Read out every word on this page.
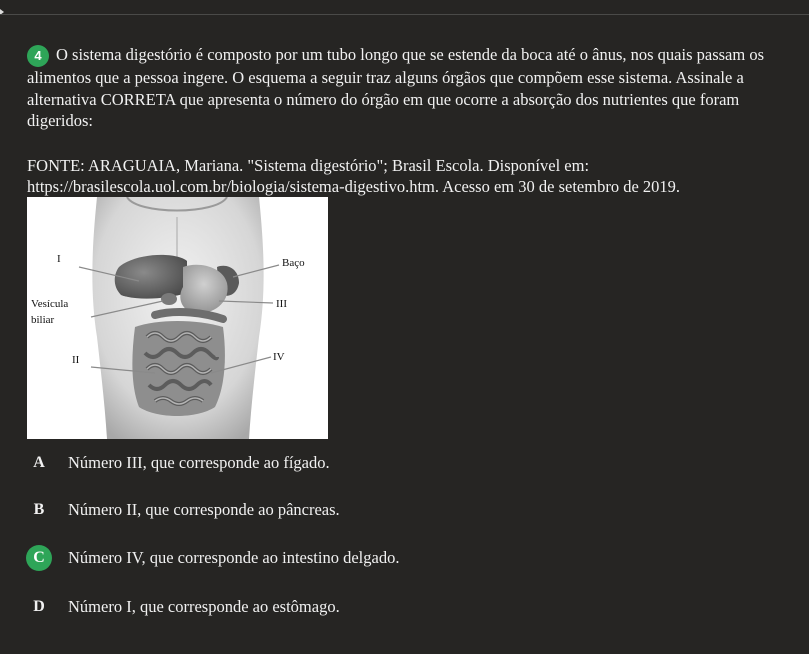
4 O sistema digestório é composto por um tubo longo que se estende da boca até o ânus, nos quais passam os alimentos que a pessoa ingere. O esquema a seguir traz alguns órgãos que compõem esse sistema. Assinale a alternativa CORRETA que apresenta o número do órgão em que ocorre a absorção dos nutrientes que foram digeridos:
FONTE: ARAGUAIA, Mariana. "Sistema digestório"; Brasil Escola. Disponível em:
https://brasilescola.uol.com.br/biologia/sistema-digestivo.htm. Acesso em 30 de setembro de 2019.
I	Baço
Vesícula
biliar
III
II	IV
A	Número III, que corresponde ao fígado.
B	Número II, que corresponde ao pâncreas.
C	Número IV, que corresponde ao intestino delgado.
D	Número I, que corresponde ao estômago.
